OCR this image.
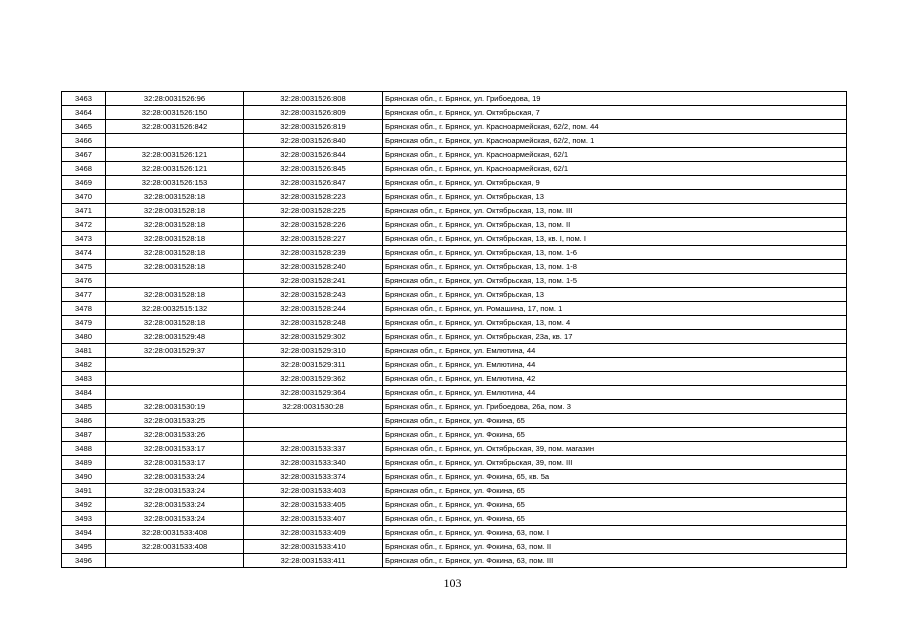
3463	32:28:0031526:96	32:28:0031526:808	Брянская обл., г. Брянск, ул. Грибоедова, 19
3464	32:28:0031526:150	32:28:0031526:809	Брянская обл., г. Брянск, ул. Октябрьская, 7
3465	32:28:0031526:842	32:28:0031526:819	Брянская обл., г. Брянск, ул. Красноармейская, 62/2, пом. 44
3466		32:28:0031526:840	Брянская обл., г. Брянск, ул. Красноармейская, 62/2, пом. 1
3467	32:28:0031526:121	32:28:0031526:844	Брянская обл., г. Брянск, ул. Красноармейская, 62/1
3468	32:28:0031526:121	32:28:0031526:845	Брянская обл., г. Брянск, ул. Красноармейская, 62/1
3469	32:28:0031526:153	32:28:0031526:847	Брянская обл., г. Брянск, ул. Октябрьская, 9
3470	32:28:0031528:18	32:28:0031528:223	Брянская обл., г. Брянск, ул. Октябрьская, 13
3471	32:28:0031528:18	32:28:0031528:225	Брянская обл., г. Брянск, ул. Октябрьская, 13, пом. III
3472	32:28:0031528:18	32:28:0031528:226	Брянская обл., г. Брянск, ул. Октябрьская, 13, пом. II
3473	32:28:0031528:18	32:28:0031528:227	Брянская обл., г. Брянск, ул. Октябрьская, 13, кв. I, пом. I
3474	32:28:0031528:18	32:28:0031528:239	Брянская обл., г. Брянск, ул. Октябрьская, 13, пом. 1-6
3475	32:28:0031528:18	32:28:0031528:240	Брянская обл., г. Брянск, ул. Октябрьская, 13, пом. 1-8
3476		32:28:0031528:241	Брянская обл., г. Брянск, ул. Октябрьская, 13, пом. 1-5
3477	32:28:0031528:18	32:28:0031528:243	Брянская обл., г. Брянск, ул. Октябрьская, 13
3478	32:28:0032515:132	32:28:0031528:244	Брянская обл., г. Брянск, ул. Ромашина, 17, пом. 1
3479	32:28:0031528:18	32:28:0031528:248	Брянская обл., г. Брянск, ул. Октябрьская, 13, пом. 4
3480	32:28:0031529:48	32:28:0031529:302	Брянская обл., г. Брянск, ул. Октябрьская, 23а, кв. 17
3481	32:28:0031529:37	32:28:0031529:310	Брянская обл., г. Брянск, ул. Емлютина, 44
3482		32:28:0031529:311	Брянская обл., г. Брянск, ул. Емлютина, 44
3483		32:28:0031529:362	Брянская обл., г. Брянск, ул. Емлютина, 42
3484		32:28:0031529:364	Брянская обл., г. Брянск, ул. Емлютина, 44
3485	32:28:0031530:19	32:28:0031530:28	Брянская обл., г. Брянск, ул. Грибоедова, 26а, пом. 3
3486	32:28:0031533:25		Брянская обл., г. Брянск, ул. Фокина, 65
3487	32:28:0031533:26		Брянская обл., г. Брянск, ул. Фокина, 65
3488	32:28:0031533:17	32:28:0031533:337	Брянская обл., г. Брянск, ул. Октябрьская, 39, пом. магазин
3489	32:28:0031533:17	32:28:0031533:340	Брянская обл., г. Брянск, ул. Октябрьская, 39, пом. III
3490	32:28:0031533:24	32:28:0031533:374	Брянская обл., г. Брянск, ул. Фокина, 65, кв. 5а
3491	32:28:0031533:24	32:28:0031533:403	Брянская обл., г. Брянск, ул. Фокина, 65
3492	32:28:0031533:24	32:28:0031533:405	Брянская обл., г. Брянск, ул. Фокина, 65
3493	32:28:0031533:24	32:28:0031533:407	Брянская обл., г. Брянск, ул. Фокина, 65
3494	32:28:0031533:408	32:28:0031533:409	Брянская обл., г. Брянск, ул. Фокина, 63, пом. I
3495	32:28:0031533:408	32:28:0031533:410	Брянская обл., г. Брянск, ул. Фокина, 63, пом. II
3496		32:28:0031533:411	Брянская обл., г. Брянск, ул. Фокина, 63, пом. III
103
